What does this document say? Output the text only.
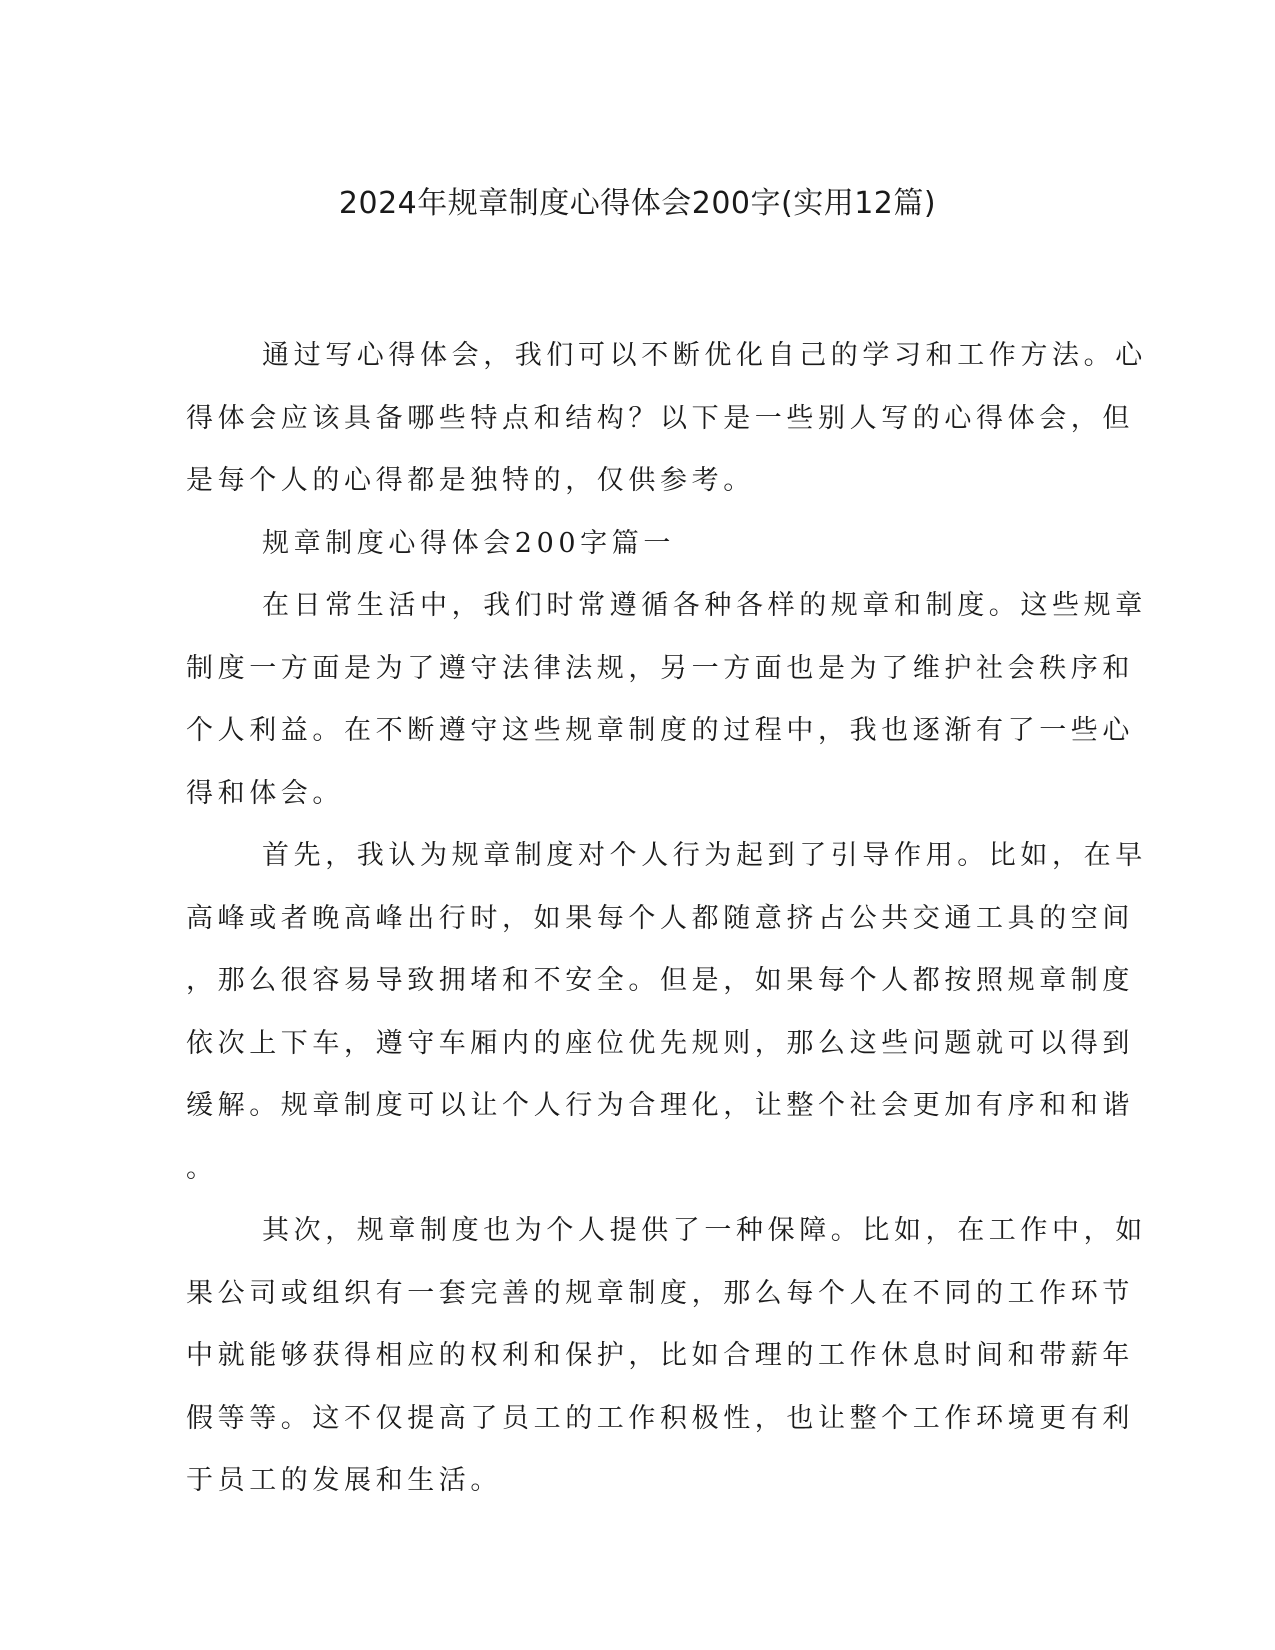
2024年规章制度心得体会200字(实用12篇)
通过写心得体会，我们可以不断优化自己的学习和工作方法。心
得体会应该具备哪些特点和结构？以下是一些别人写的心得体会，但
是每个人的心得都是独特的，仅供参考。
规章制度心得体会200字篇一
在日常生活中，我们时常遵循各种各样的规章和制度。这些规章
制度一方面是为了遵守法律法规，另一方面也是为了维护社会秩序和
个人利益。在不断遵守这些规章制度的过程中，我也逐渐有了一些心
得和体会。
首先，我认为规章制度对个人行为起到了引导作用。比如，在早
高峰或者晚高峰出行时，如果每个人都随意挤占公共交通工具的空间
，那么很容易导致拥堵和不安全。但是，如果每个人都按照规章制度
依次上下车，遵守车厢内的座位优先规则，那么这些问题就可以得到
缓解。规章制度可以让个人行为合理化，让整个社会更加有序和和谐
。
其次，规章制度也为个人提供了一种保障。比如，在工作中，如
果公司或组织有一套完善的规章制度，那么每个人在不同的工作环节
中就能够获得相应的权利和保护，比如合理的工作休息时间和带薪年
假等等。这不仅提高了员工的工作积极性，也让整个工作环境更有利
于员工的发展和生活。
